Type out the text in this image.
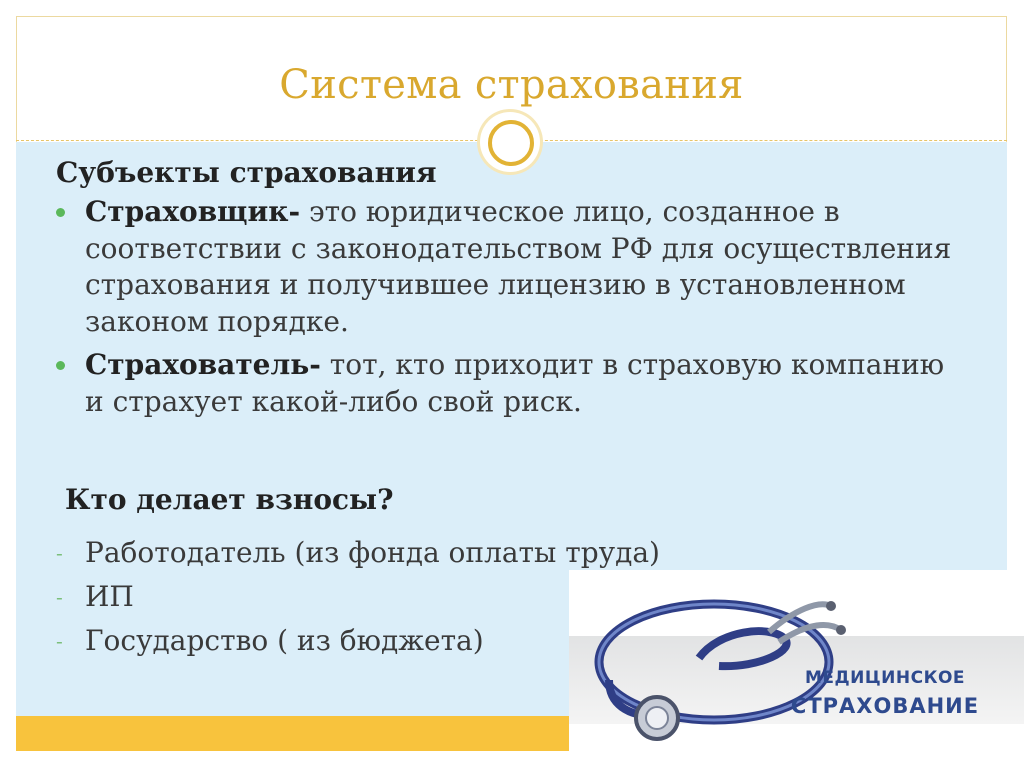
Система страхования
Субъекты страхования
Страховщик- это юридическое лицо, созданное в соответствии с законодательством РФ для осуществления страхования и получившее лицензию в установленном законом порядке.
Страхователь- тот, кто приходит в страховую компанию и страхует какой-либо свой риск.
Кто делает взносы?
- Работодатель (из фонда оплаты труда)
- ИП
- Государство ( из бюджета)
МЕДИЦИНСКОЕ
СТРАХОВАНИЕ
